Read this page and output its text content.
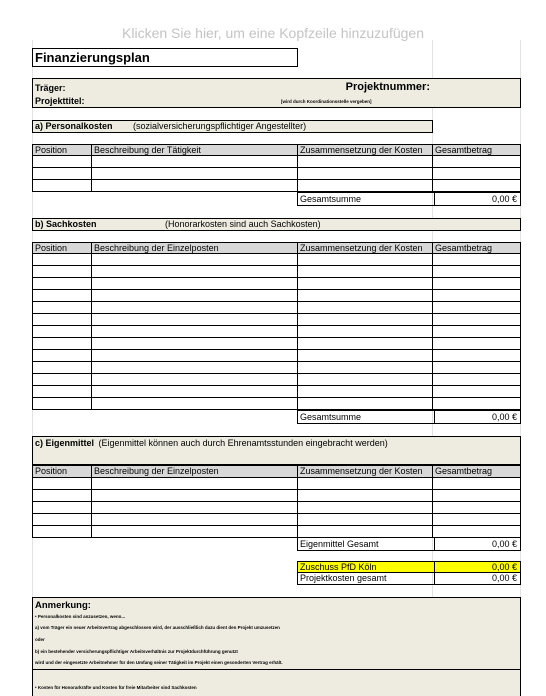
Klicken Sie hier, um eine Kopfzeile hinzuzufügen
Finanzierungsplan
Träger:	Projektnummer:
Projekttitel:	[wird durch Koordinationsstelle vergeben]
a) Personalkosten (sozialversicherungspflichtiger Angestellter)
Position	Beschreibung der Tätigkeit	Zusammensetzung der Kosten	Gesamtbetrag
Gesamtsumme	0,00 €
b) Sachkosten	(Honorarkosten sind auch Sachkosten)
Position	Beschreibung der Einzelposten	Zusammensetzung der Kosten	Gesamtbetrag
Gesamtsumme	0,00 €
c) Eigenmittel (Eigenmittel können auch durch Ehrenamtsstunden eingebracht werden)
Position	Beschreibung der Einzelposten	Zusammensetzung der Kosten	Gesamtbetrag
Eigenmittel Gesamt	0,00 €
Zuschuss PfD Köln	0,00 €
Projektkosten gesamt	0,00 €
Anmerkung:
• Personalkosten sind anzusetzen, wenn...
a) vom Träger ein neuer Arbeitsvertrag abgeschlossen wird, der ausschließlich dazu dient den Projekt umzusetzen
oder
b) ein bestehender versicherungspflichtiger Arbeitsverhältnis zur Projektdurchführung genutzt
wird und der eingesetzte Arbeitnehmer für den Umfang seiner Tätigkeit im Projekt einen gesonderten Vertrag erhält.
• Kosten für Honorarkräfte und Kosten für freie Mitarbeiter sind Sachkosten
